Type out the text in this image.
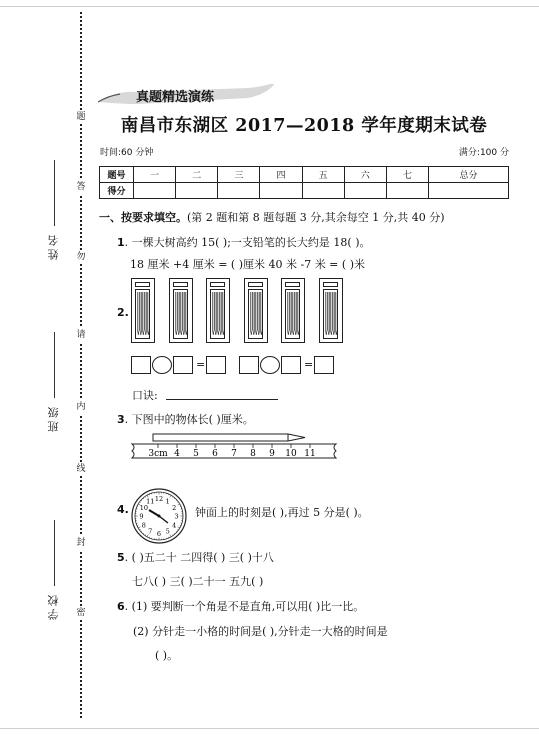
题
答
勿
请
内
线
封
密
姓名
班级
学校
真题精选演练
南昌市东湖区 2017—2018 学年度期末试卷
时间:60 分钟	满分:100 分
题号	一	二	三	四	五	六	七	总分
得分								
一、按要求填空。(第 2 题和第 8 题每题 3 分,其余每空 1 分,共 40 分)
1. 一棵大树高约 15( );一支铅笔的长大约是 18( )。
18 厘米 +4 厘米 = ( )厘米 40 米 -7 米 = ( )米
2.
=	=
口诀:
3. 下图中的物体长( )厘米。
3cm 4 5 6 7 8 9 10 11
4.
12 1
2
3
4
5
6
7
8
9
10
11
钟面上的时刻是( ),再过 5 分是( )。
5. ( )五二十 二四得( ) 三( )十八
七八( ) 三( )二十一 五九( )
6. (1) 要判断一个角是不是直角,可以用( )比一比。
(2) 分针走一小格的时间是( ),分针走一大格的时间是
( )。
